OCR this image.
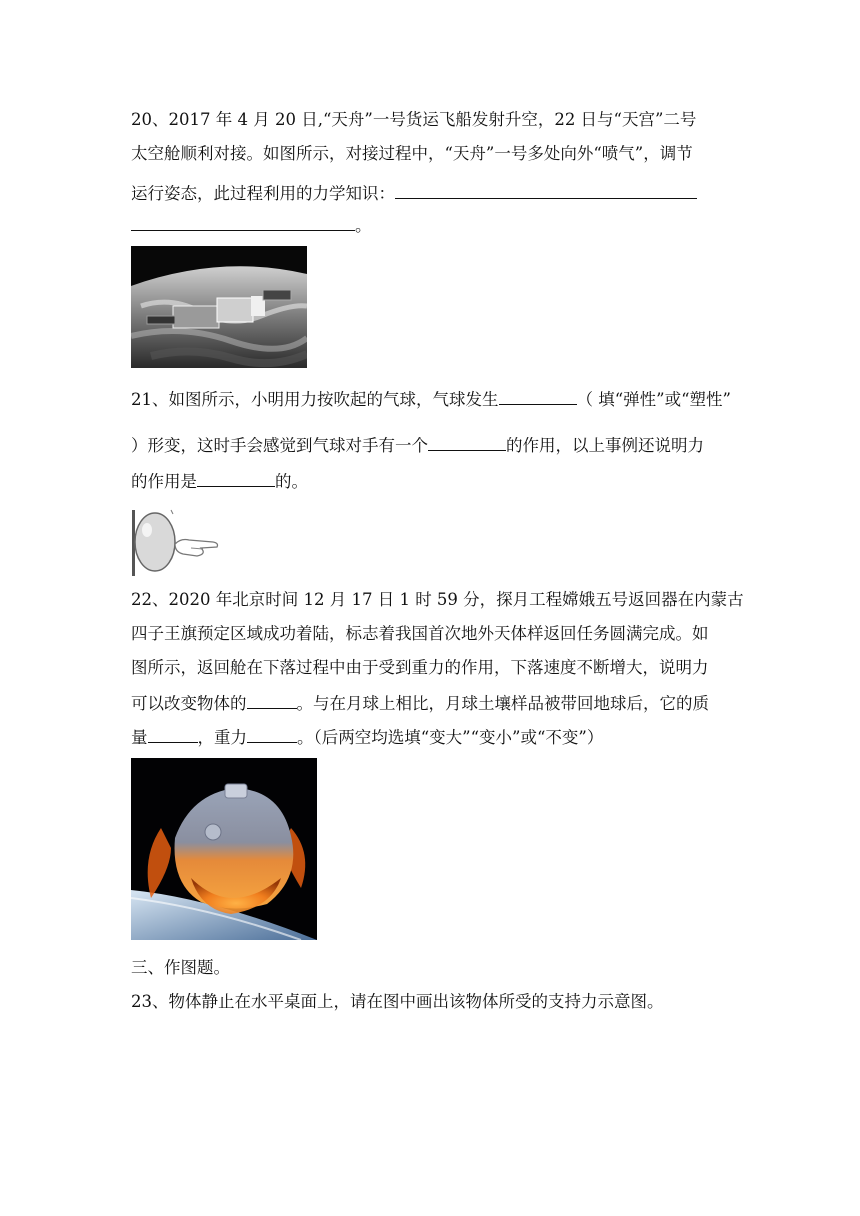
20、2017 年 4 月 20 日,“天舟”一号货运飞船发射升空，22 日与“天宫”二号
太空舱顺利对接。如图所示，对接过程中，“天舟”一号多处向外“喷气”，调节
运行姿态，此过程利用的力学知识：
。
21、如图所示，小明用力按吹起的气球，气球发生	（ 填“弹性”或“塑性”
）形变，这时手会感觉到气球对手有一个	的作用，以上事例还说明力
的作用是	的。
22、2020 年北京时间 12 月 17 日 1 时 59 分，探月工程嫦娥五号返回器在内蒙古
四子王旗预定区域成功着陆，标志着我国首次地外天体样返回任务圆满完成。如
图所示，返回舱在下落过程中由于受到重力的作用，下落速度不断增大，说明力
可以改变物体的	。与在月球上相比，月球土壤样品被带回地球后，它的质
量	，重力	。（后两空均选填“变大”“变小”或“不变”）
三、作图题。
23、物体静止在水平桌面上，请在图中画出该物体所受的支持力示意图。
